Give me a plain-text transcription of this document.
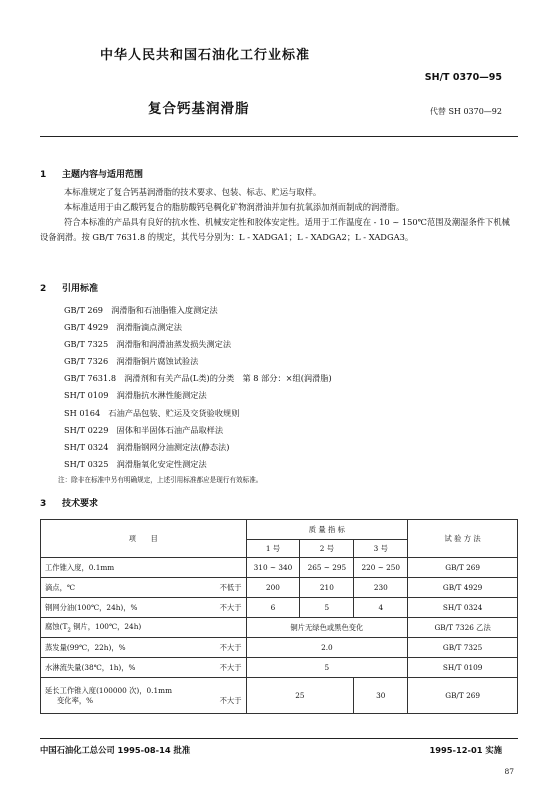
中华人民共和国石油化工行业标准
SH/T 0370—95
复合钙基润滑脂	代替 SH 0370—92
1 主题内容与适用范围

本标准规定了复合钙基润滑脂的技术要求、包装、标志、贮运与取样。

本标准适用于由乙酸钙复合的脂肪酸钙皂稠化矿物润滑油并加有抗氧添加剂而制成的润滑脂。

符合本标准的产品具有良好的抗水性、机械安定性和胶体安定性。适用于工作温度在 - 10 ~ 150℃范围及潮湿条件下机械设备润滑。按 GB/T 7631.8 的规定，其代号分别为：L - XADGA1；L - XADGA2；L - XADGA3。

2 引用标准
GB/T 269　润滑脂和石油脂锥入度测定法
GB/T 4929　润滑脂滴点测定法
GB/T 7325　润滑脂和润滑油蒸发损失测定法
GB/T 7326　润滑脂铜片腐蚀试验法
GB/T 7631.8　润滑剂和有关产品(L类)的分类　第 8 部分：×组(润滑脂)
SH/T 0109　润滑脂抗水淋性能测定法
SH 0164　石油产品包装、贮运及交货验收规则
SH/T 0229　固体和半固体石油产品取样法
SH/T 0324　润滑脂钢网分油测定法(静态法)
SH/T 0325　润滑脂氧化安定性测定法
注：除非在标准中另有明确规定，上述引用标准都应是现行有效标准。
3 技术要求
项　　目	质 量 指 标			试 验 方 法
	1 号	2 号	3 号	
工作锥入度，0.1mm	310 ~ 340	265 ~ 295	220 ~ 250	GB/T 269

滴点，℃ 不低于	200	210	230	GB/T 4929

钢网分油(100℃，24h)，% 不大于	6	5	4	SH/T 0324
腐蚀($T_2$ 铜片，100℃，24h)	铜片无绿色或黑色变化			GB/T 7326 乙法

蒸发量(99℃，22h)，% 不大于	2.0			GB/T 7325

水淋流失量(38℃，1h)，% 不大于	5			SH/T 0109

延长工作锥入度(100000 次)，0.1mm
变化率，% 不大于	25		30	GB/T 269
中国石油化工总公司 1995-08-14 批准	1995-12-01 实施
87
